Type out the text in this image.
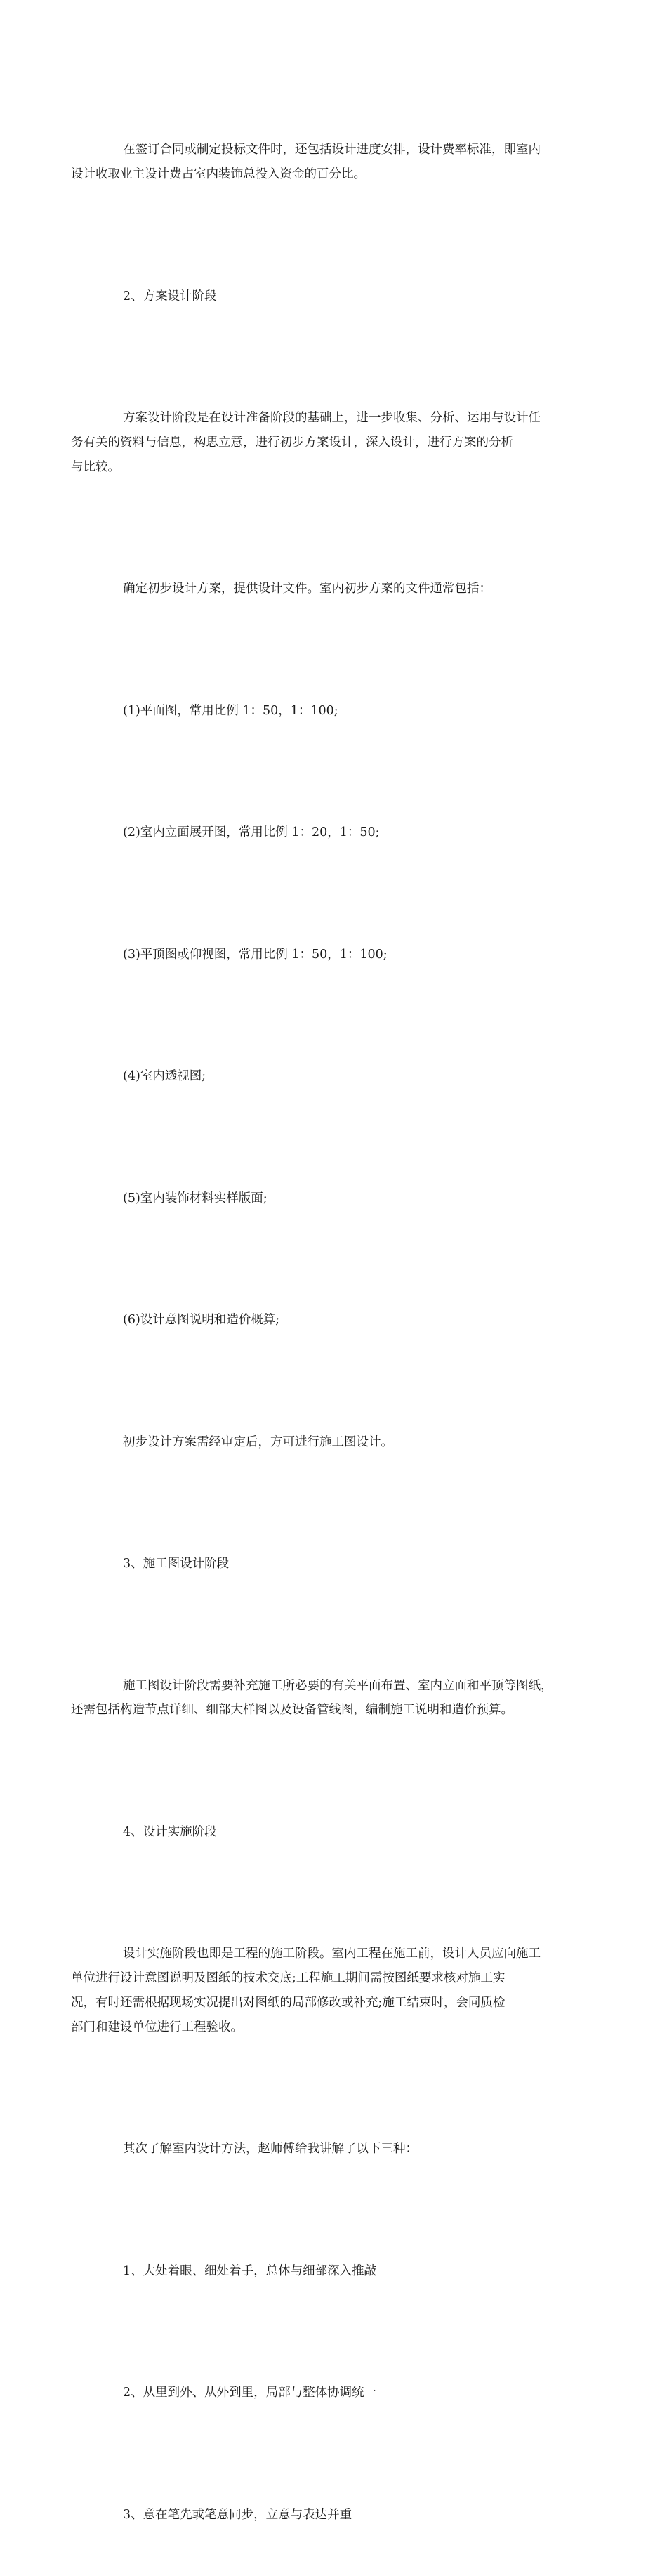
在签订合同或制定投标文件时，还包括设计进度安排，设计费率标准，即室内
设计收取业主设计费占室内装饰总投入资金的百分比。

2、方案设计阶段

方案设计阶段是在设计准备阶段的基础上，进一步收集、分析、运用与设计任
务有关的资料与信息，构思立意，进行初步方案设计，深入设计，进行方案的分析
与比较。

确定初步设计方案，提供设计文件。室内初步方案的文件通常包括：

(1)平面图，常用比例 1：50，1：100;

(2)室内立面展开图，常用比例 1：20，1：50;

(3)平顶图或仰视图，常用比例 1：50，1：100;

(4)室内透视图;

(5)室内装饰材料实样版面;

(6)设计意图说明和造价概算;

初步设计方案需经审定后，方可进行施工图设计。

3、施工图设计阶段

施工图设计阶段需要补充施工所必要的有关平面布置、室内立面和平顶等图纸，
还需包括构造节点详细、细部大样图以及设备管线图，编制施工说明和造价预算。

4、设计实施阶段

设计实施阶段也即是工程的施工阶段。室内工程在施工前，设计人员应向施工
单位进行设计意图说明及图纸的技术交底;工程施工期间需按图纸要求核对施工实
况，有时还需根据现场实况提出对图纸的局部修改或补充;施工结束时，会同质检
部门和建设单位进行工程验收。

其次了解室内设计方法，赵师傅给我讲解了以下三种：

1、大处着眼、细处着手，总体与细部深入推敲

2、从里到外、从外到里，局部与整体协调统一

3、意在笔先或笔意同步，立意与表达并重
